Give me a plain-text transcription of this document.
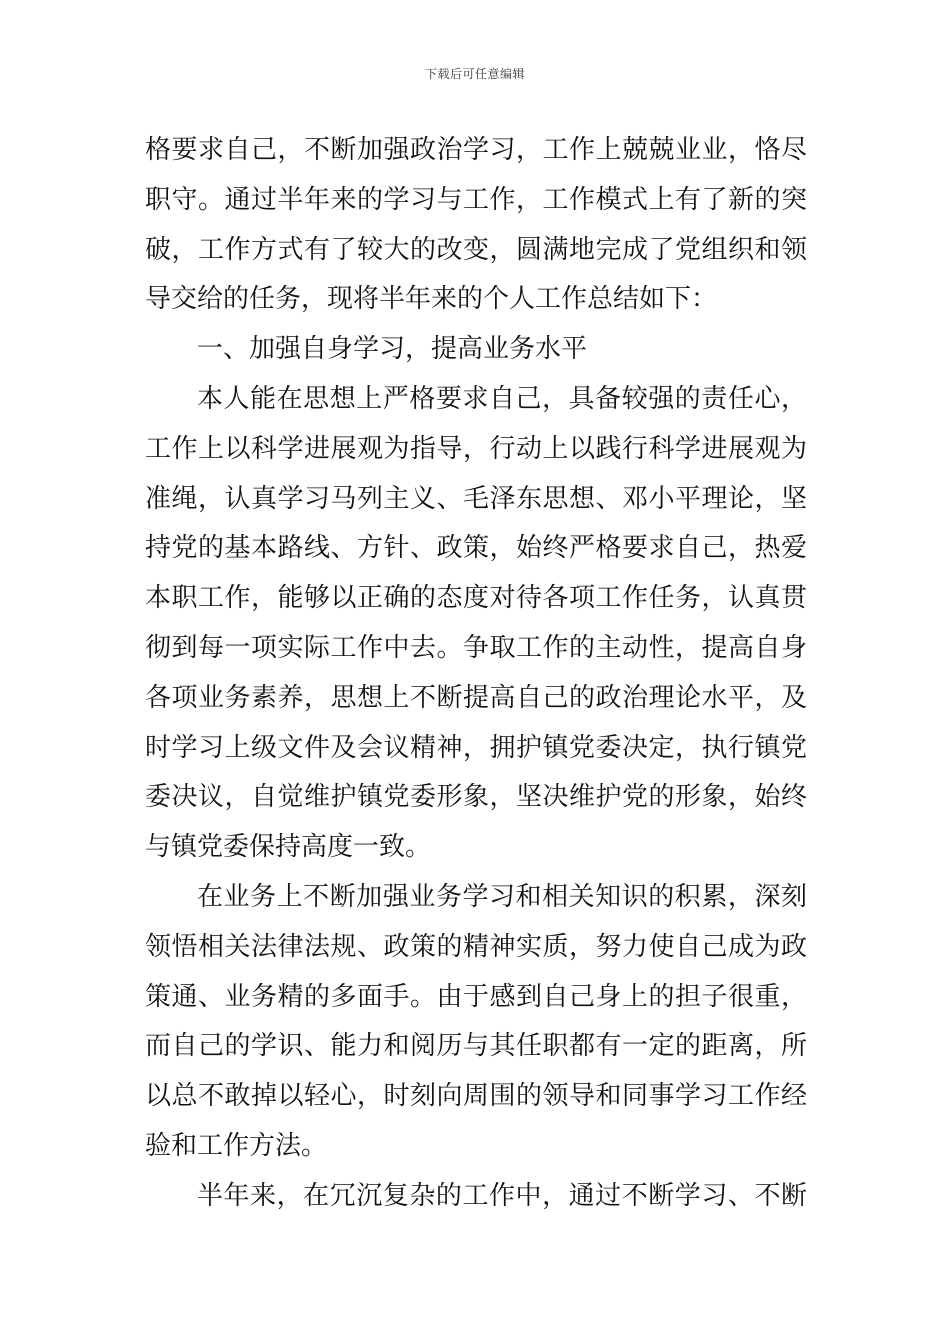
下载后可任意编辑
格要求自己，不断加强政治学习，工作上兢兢业业，恪尽
职守。通过半年来的学习与工作，工作模式上有了新的突
破，工作方式有了较大的改变，圆满地完成了党组织和领
导交给的任务，现将半年来的个人工作总结如下：
一、加强自身学习，提高业务水平
本人能在思想上严格要求自己，具备较强的责任心，
工作上以科学进展观为指导，行动上以践行科学进展观为
准绳，认真学习马列主义、毛泽东思想、邓小平理论，坚
持党的基本路线、方针、政策，始终严格要求自己，热爱
本职工作，能够以正确的态度对待各项工作任务，认真贯
彻到每一项实际工作中去。争取工作的主动性，提高自身
各项业务素养，思想上不断提高自己的政治理论水平，及
时学习上级文件及会议精神，拥护镇党委决定，执行镇党
委决议，自觉维护镇党委形象，坚决维护党的形象，始终
与镇党委保持高度一致。
在业务上不断加强业务学习和相关知识的积累，深刻
领悟相关法律法规、政策的精神实质，努力使自己成为政
策通、业务精的多面手。由于感到自己身上的担子很重，
而自己的学识、能力和阅历与其任职都有一定的距离，所
以总不敢掉以轻心，时刻向周围的领导和同事学习工作经
验和工作方法。
半年来，在冗沉复杂的工作中，通过不断学习、不断
